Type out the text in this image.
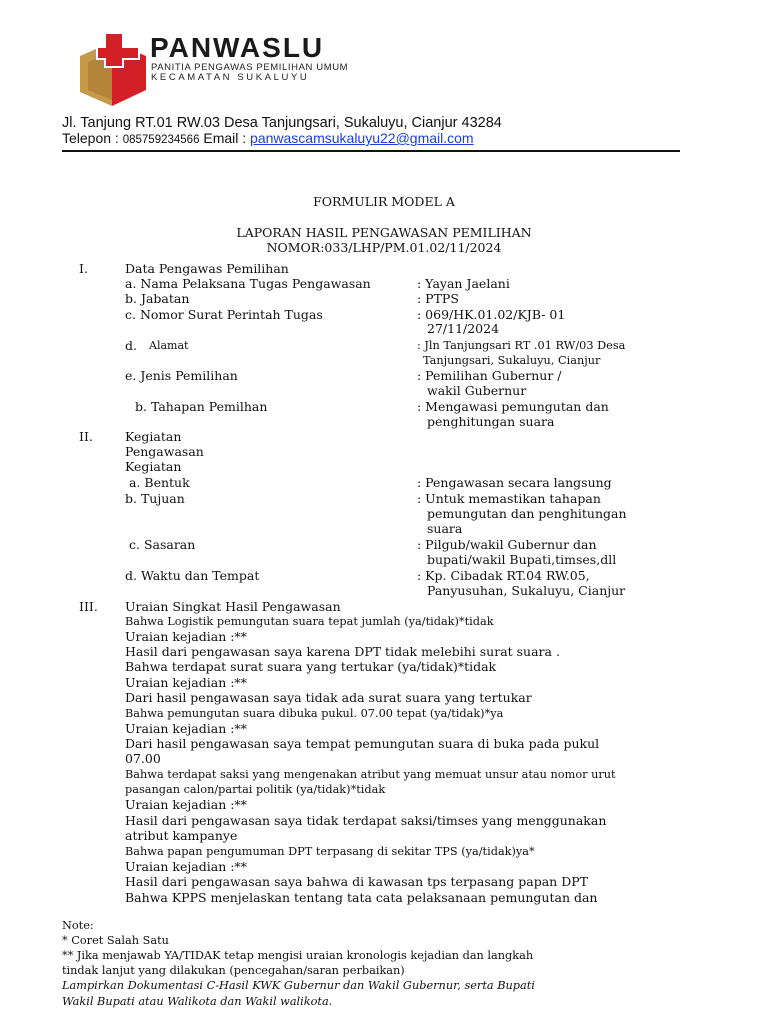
PANWASLU
PANITIA PENGAWAS PEMILIHAN UMUM
KECAMATAN SUKALUYU
Jl. Tanjung RT.01 RW.03 Desa Tanjungsari, Sukaluyu, Cianjur 43284
Telepon : 085759234566 Email : panwascamsukaluyu22@gmail.com
FORMULIR MODEL A
LAPORAN HASIL PENGAWASAN PEMILIHAN
NOMOR:033/LHP/PM.01.02/11/2024
I.	Data Pengawas Pemilihan
a. Nama Pelaksana Tugas Pengawasan	: Yayan Jaelani
b. Jabatan	: PTPS
c. Nomor Surat Perintah Tugas	: 069/HK.01.02/KJB- 01
27/11/2024
d. Alamat	: Jln Tanjungsari RT .01 RW/03 Desa
Tanjungsari, Sukaluyu, Cianjur
e. Jenis Pemilihan	: Pemilihan Gubernur /
wakil Gubernur
b. Tahapan Pemilhan	: Mengawasi pemungutan dan
penghitungan suara
II.	Kegiatan
Pengawasan
Kegiatan
a. Bentuk	: Pengawasan secara langsung
b. Tujuan	: Untuk memastikan tahapan
pemungutan dan penghitungan
suara
c. Sasaran	: Pilgub/wakil Gubernur dan
bupati/wakil Bupati,timses,dll
d. Waktu dan Tempat	: Kp. Cibadak RT.04 RW.05,
Panyusuhan, Sukaluyu, Cianjur
III. Uraian Singkat Hasil Pengawasan
Bahwa Logistik pemungutan suara tepat jumlah (ya/tidak)*tidak
Uraian kejadian :**
Hasil dari pengawasan saya karena DPT tidak melebihi surat suara .
Bahwa terdapat surat suara yang tertukar (ya/tidak)*tidak
Uraian kejadian :**
Dari hasil pengawasan saya tidak ada surat suara yang tertukar
Bahwa pemungutan suara dibuka pukul. 07.00 tepat (ya/tidak)*ya
Uraian kejadian :**
Dari hasil pengawasan saya tempat pemungutan suara di buka pada pukul
07.00
Bahwa terdapat saksi yang mengenakan atribut yang memuat unsur atau nomor urut
pasangan calon/partai politik (ya/tidak)*tidak
Uraian kejadian :**
Hasil dari pengawasan saya tidak terdapat saksi/timses yang menggunakan
atribut kampanye
Bahwa papan pengumuman DPT terpasang di sekitar TPS (ya/tidak)ya*
Uraian kejadian :**
Hasil dari pengawasan saya bahwa di kawasan tps terpasang papan DPT
Bahwa KPPS menjelaskan tentang tata cata pelaksanaan pemungutan dan
Note:
* Coret Salah Satu
** Jika menjawab YA/TIDAK tetap mengisi uraian kronologis kejadian dan langkah
tindak lanjut yang dilakukan (pencegahan/saran perbaikan)
Lampirkan Dokumentasi C-Hasil KWK Gubernur dan Wakil Gubernur, serta Bupati
Wakil Bupati atau Walikota dan Wakil walikota.
